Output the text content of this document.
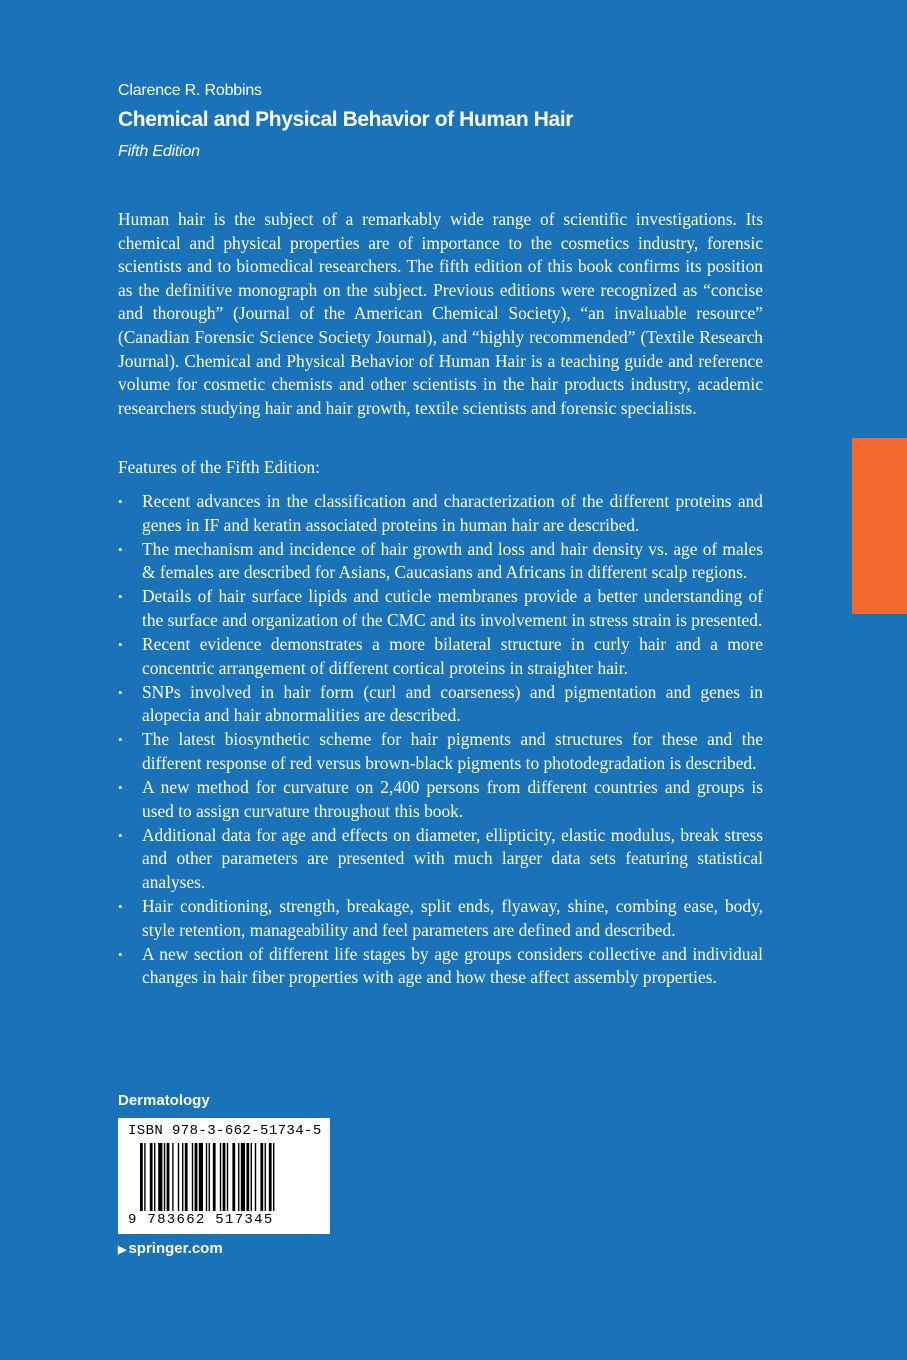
Clarence R. Robbins
Chemical and Physical Behavior of Human Hair
Fifth Edition

Human hair is the subject of a remarkably wide range of scientific investigations. Its chemical and physical properties are of importance to the cosmetics industry, forensic scientists and to biomedical researchers. The fifth edition of this book confirms its position as the definitive monograph on the subject. Previous editions were recognized as “concise and thorough” (Journal of the American Chemical Society), “an invaluable resource” (Canadian Forensic Science Society Journal), and “highly recommended” (Textile Research Journal). Chemical and Physical Behavior of Human Hair is a teaching guide and reference volume for cosmetic chemists and other scientists in the hair products industry, academic researchers studying hair and hair growth, textile scientists and forensic specialists.

Features of the Fifth Edition:

• Recent advances in the classification and characterization of the different proteins and genes in IF and keratin associated proteins in human hair are described.
• The mechanism and incidence of hair growth and loss and hair density vs. age of males & females are described for Asians, Caucasians and Africans in different scalp regions.
• Details of hair surface lipids and cuticle membranes provide a better understanding of the surface and organization of the CMC and its involvement in stress strain is presented.
• Recent evidence demonstrates a more bilateral structure in curly hair and a more concentric arrangement of different cortical proteins in straighter hair.
• SNPs involved in hair form (curl and coarseness) and pigmentation and genes in alopecia and hair abnormalities are described.
• The latest biosynthetic scheme for hair pigments and structures for these and the different response of red versus brown-black pigments to photodegradation is described.
• A new method for curvature on 2,400 persons from different countries and groups is used to assign curvature throughout this book.
• Additional data for age and effects on diameter, ellipticity, elastic modulus, break stress and other parameters are presented with much larger data sets featuring statistical analyses.
• Hair conditioning, strength, breakage, split ends, flyaway, shine, combing ease, body, style retention, manageability and feel parameters are defined and described.
• A new section of different life stages by age groups considers collective and individual changes in hair fiber properties with age and how these affect assembly properties.
Dermatology
ISBN 978-3-662-51734-5
9 783662 517345
▶ springer.com
